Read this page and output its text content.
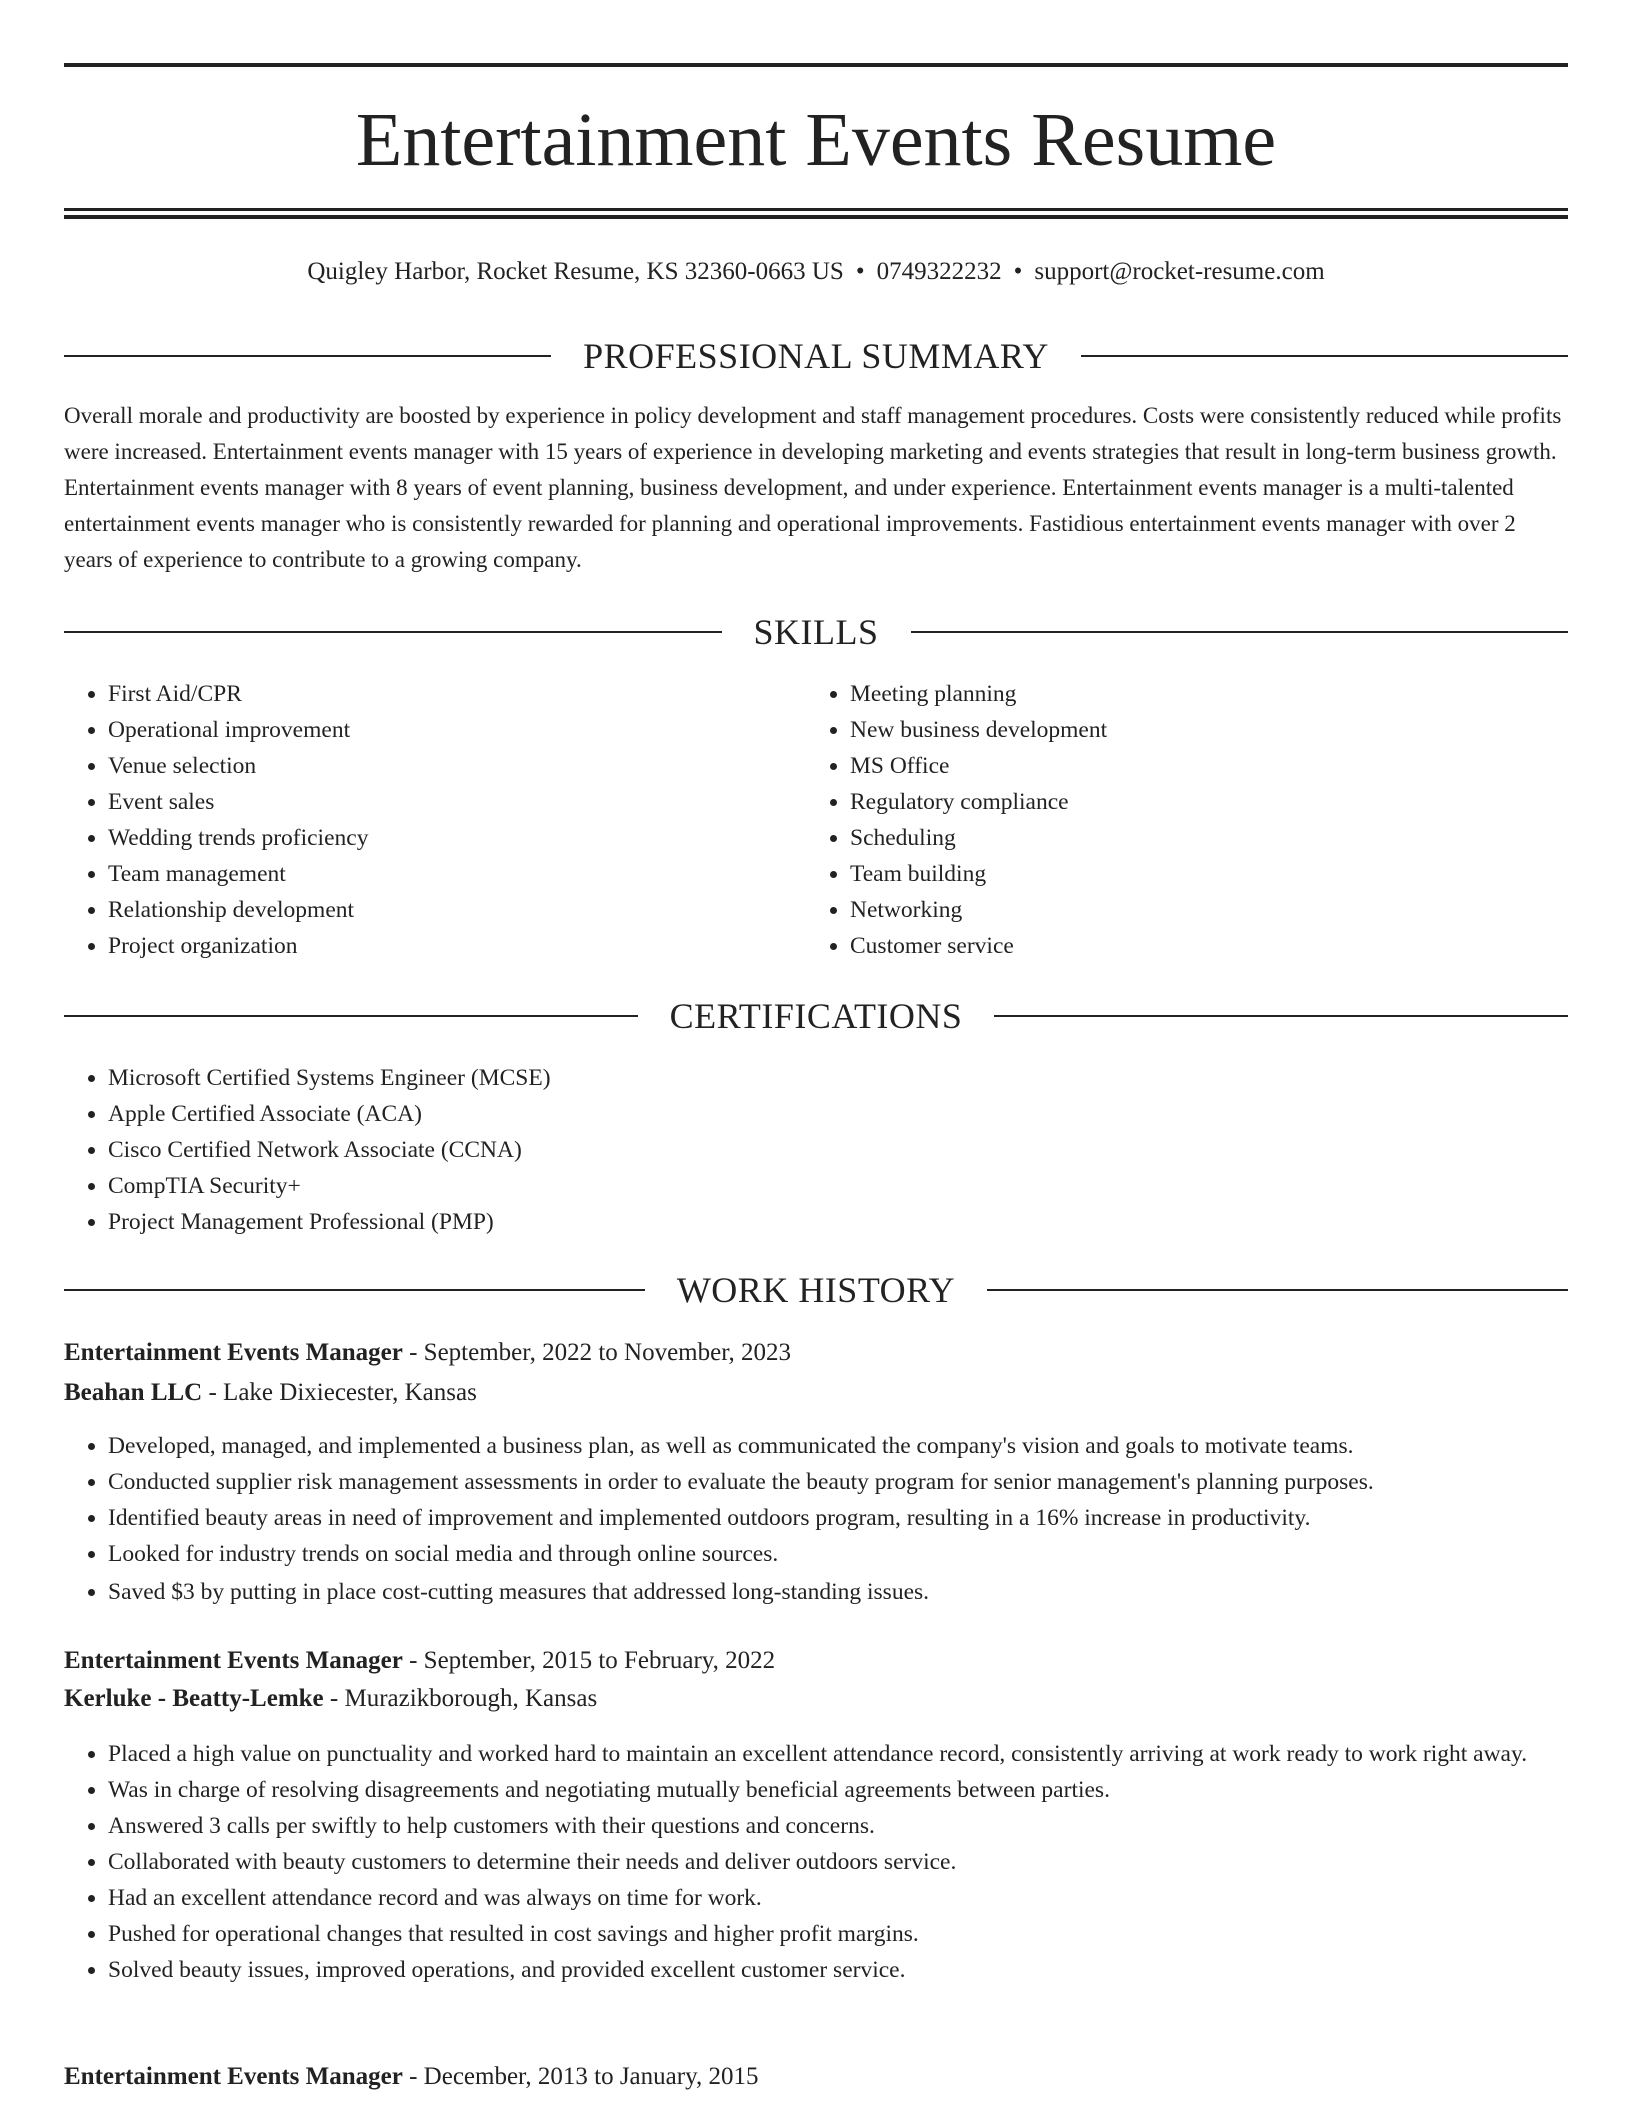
Entertainment Events Resume
Quigley Harbor, Rocket Resume, KS 32360-0663 US • 0749322232 • support@rocket-resume.com
PROFESSIONAL SUMMARY

Overall morale and productivity are boosted by experience in policy development and staff management procedures. Costs were consistently reduced while profits were increased. Entertainment events manager with 15 years of experience in developing marketing and events strategies that result in long-term business growth. Entertainment events manager with 8 years of event planning, business development, and under experience. Entertainment events manager is a multi-talented entertainment events manager who is consistently rewarded for planning and operational improvements. Fastidious entertainment events manager with over 2 years of experience to contribute to a growing company.

SKILLS
• First Aid/CPR
• Operational improvement
• Venue selection
• Event sales
• Wedding trends proficiency
• Team management
• Relationship development
• Project organization
• Meeting planning
• New business development
• MS Office
• Regulatory compliance
• Scheduling
• Team building
• Networking
• Customer service
CERTIFICATIONS
• Microsoft Certified Systems Engineer (MCSE)
• Apple Certified Associate (ACA)
• Cisco Certified Network Associate (CCNA)
• CompTIA Security+
• Project Management Professional (PMP)
WORK HISTORY
Entertainment Events Manager - September, 2022 to November, 2023
Beahan LLC - Lake Dixiecester, Kansas
• Developed, managed, and implemented a business plan, as well as communicated the company's vision and goals to motivate teams.
• Conducted supplier risk management assessments in order to evaluate the beauty program for senior management's planning purposes.
• Identified beauty areas in need of improvement and implemented outdoors program, resulting in a 16% increase in productivity.
• Looked for industry trends on social media and through online sources.
• Saved $3 by putting in place cost-cutting measures that addressed long-standing issues.
Entertainment Events Manager - September, 2015 to February, 2022
Kerluke - Beatty-Lemke - Murazikborough, Kansas
• Placed a high value on punctuality and worked hard to maintain an excellent attendance record, consistently arriving at work ready to work right away.
• Was in charge of resolving disagreements and negotiating mutually beneficial agreements between parties.
• Answered 3 calls per swiftly to help customers with their questions and concerns.
• Collaborated with beauty customers to determine their needs and deliver outdoors service.
• Had an excellent attendance record and was always on time for work.
• Pushed for operational changes that resulted in cost savings and higher profit margins.
• Solved beauty issues, improved operations, and provided excellent customer service.
Entertainment Events Manager - December, 2013 to January, 2015
